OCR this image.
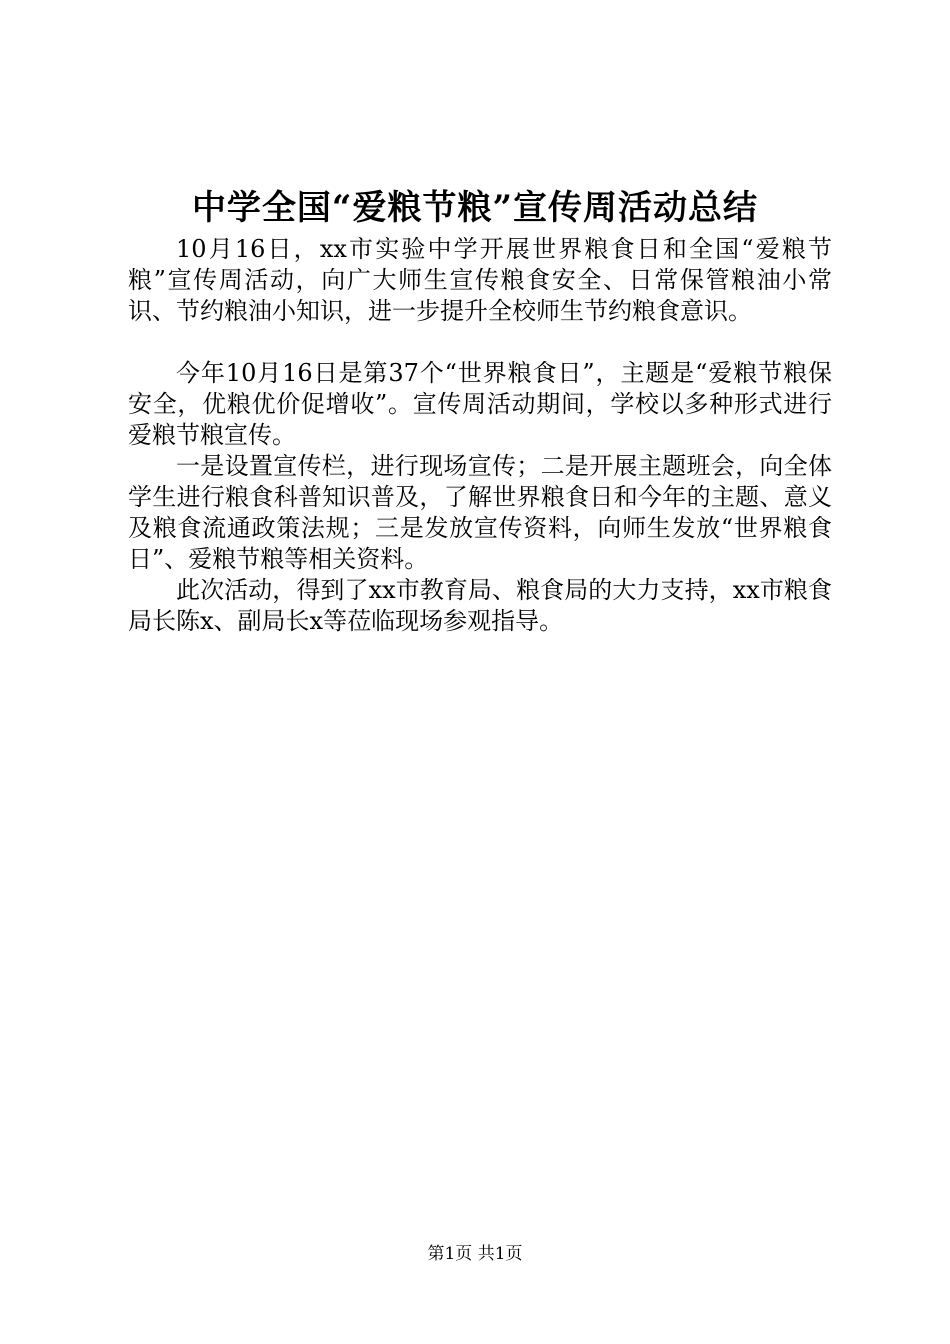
中学全国“爱粮节粮”宣传周活动总结

10月16日，xx市实验中学开展世界粮食日和全国“爱粮节粮”宣传周活动，向广大师生宣传粮食安全、日常保管粮油小常识、节约粮油小知识，进一步提升全校师生节约粮食意识。

今年10月16日是第37个“世界粮食日”，主题是“爱粮节粮保安全，优粮优价促增收”。宣传周活动期间，学校以多种形式进行爱粮节粮宣传。

一是设置宣传栏，进行现场宣传；二是开展主题班会，向全体学生进行粮食科普知识普及，了解世界粮食日和今年的主题、意义及粮食流通政策法规；三是发放宣传资料，向师生发放“世界粮食日”、爱粮节粮等相关资料。

此次活动，得到了xx市教育局、粮食局的大力支持，xx市粮食局长陈x、副局长x等莅临现场参观指导。

第1页 共1页
